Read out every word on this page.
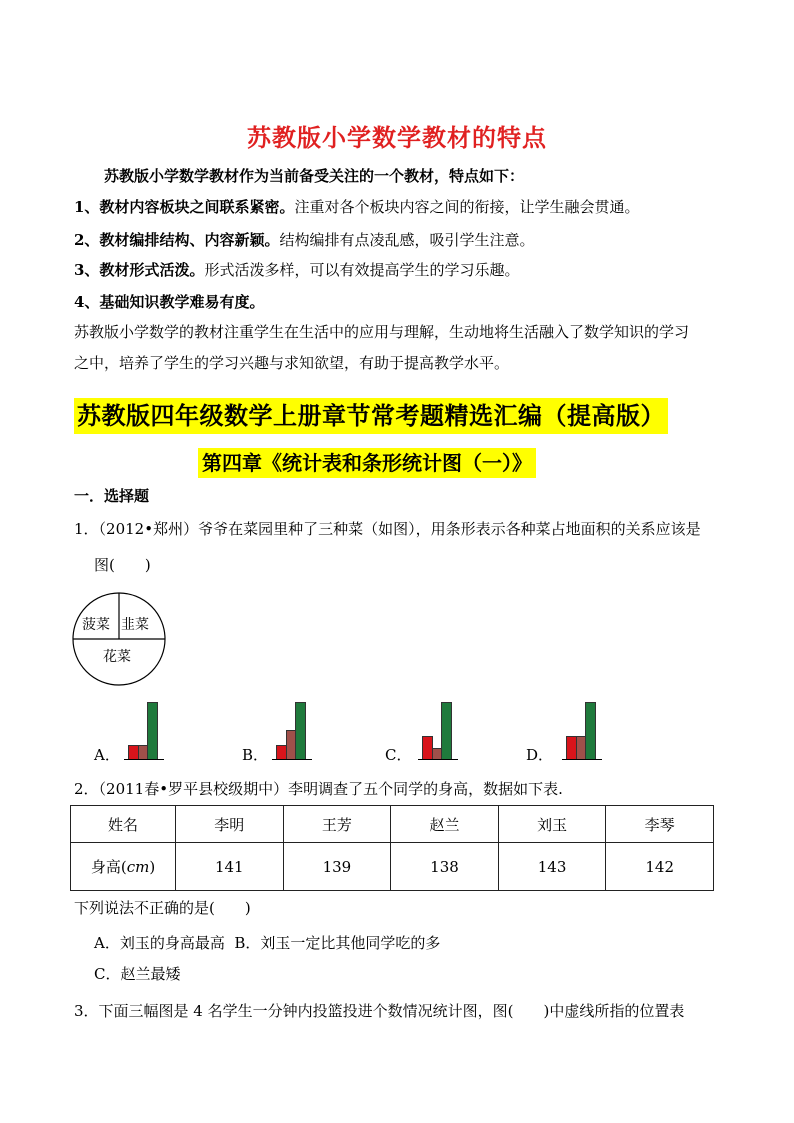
苏教版小学数学教材的特点
苏教版小学数学教材作为当前备受关注的一个教材，特点如下：
1、教材内容板块之间联系紧密。注重对各个板块内容之间的衔接，让学生融会贯通。
2、教材编排结构、内容新颖。结构编排有点凌乱感，吸引学生注意。
3、教材形式活泼。形式活泼多样，可以有效提高学生的学习乐趣。
4、基础知识教学难易有度。
苏教版小学数学的教材注重学生在生活中的应用与理解，生动地将生活融入了数学知识的学习
之中，培养了学生的学习兴趣与求知欲望，有助于提高教学水平。
苏教版四年级数学上册章节常考题精选汇编（提高版）
第四章《统计表和条形统计图（一）》
一．选择题
1．（2012•郑州）爷爷在菜园里种了三种菜（如图），用条形表示各种菜占地面积的关系应该是
图(　　)
菠菜 韭菜
花菜
A．	B．	C．	D．
2．（2011春•罗平县校级期中）李明调查了五个同学的身高，数据如下表.
姓名	李明	王芳	赵兰	刘玉	李琴
身高(cm)	141	139	138	143	142
下列说法不正确的是(　　)
A．刘玉的身高最高 B．刘玉一定比其他同学吃的多
C．赵兰最矮
3．下面三幅图是 4 名学生一分钟内投篮投进个数情况统计图，图(　　)中虚线所指的位置表
